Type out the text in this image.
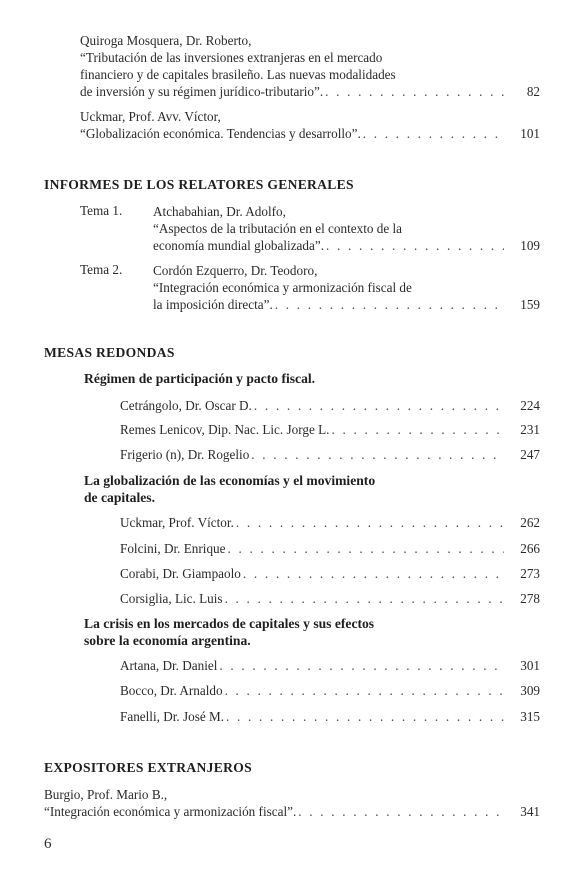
Quiroga Mosquera, Dr. Roberto,
“Tributación de las inversiones extranjeras en el mercado
financiero y de capitales brasileño. Las nuevas modalidades
de inversión y su régimen jurídico-tributario”. . . .	82
Uckmar, Prof. Avv. Víctor,
“Globalización económica. Tendencias y desarrollo”. . . .	101
INFORMES DE LOS RELATORES GENERALES
Tema 1. Atchabahian, Dr. Adolfo,
“Aspectos de la tributación en el contexto de la
economía mundial globalizada”. . . .	109
Tema 2. Cordón Ezquerro, Dr. Teodoro,
“Integración económica y armonización fiscal de
la imposición directa”. . . .	159
MESAS REDONDAS
Régimen de participación y pacto fiscal.
Cetrángolo, Dr. Oscar D. . . .	224
Remes Lenicov, Dip. Nac. Lic. Jorge L. . . .	231
Frigerio (n), Dr. Rogelio . . .	247
La globalización de las economías y el movimiento
de capitales.
Uckmar, Prof. Víctor. . . .	262
Folcini, Dr. Enrique . . .	266
Corabi, Dr. Giampaolo . . .	273
Corsiglia, Lic. Luis . . .	278
La crisis en los mercados de capitales y sus efectos
sobre la economía argentina.
Artana, Dr. Daniel . . .	301
Bocco, Dr. Arnaldo . . .	309
Fanelli, Dr. José M. . . .	315
EXPOSITORES EXTRANJEROS
Burgio, Prof. Mario B.,
“Integración económica y armonización fiscal”. . . .	341
6
